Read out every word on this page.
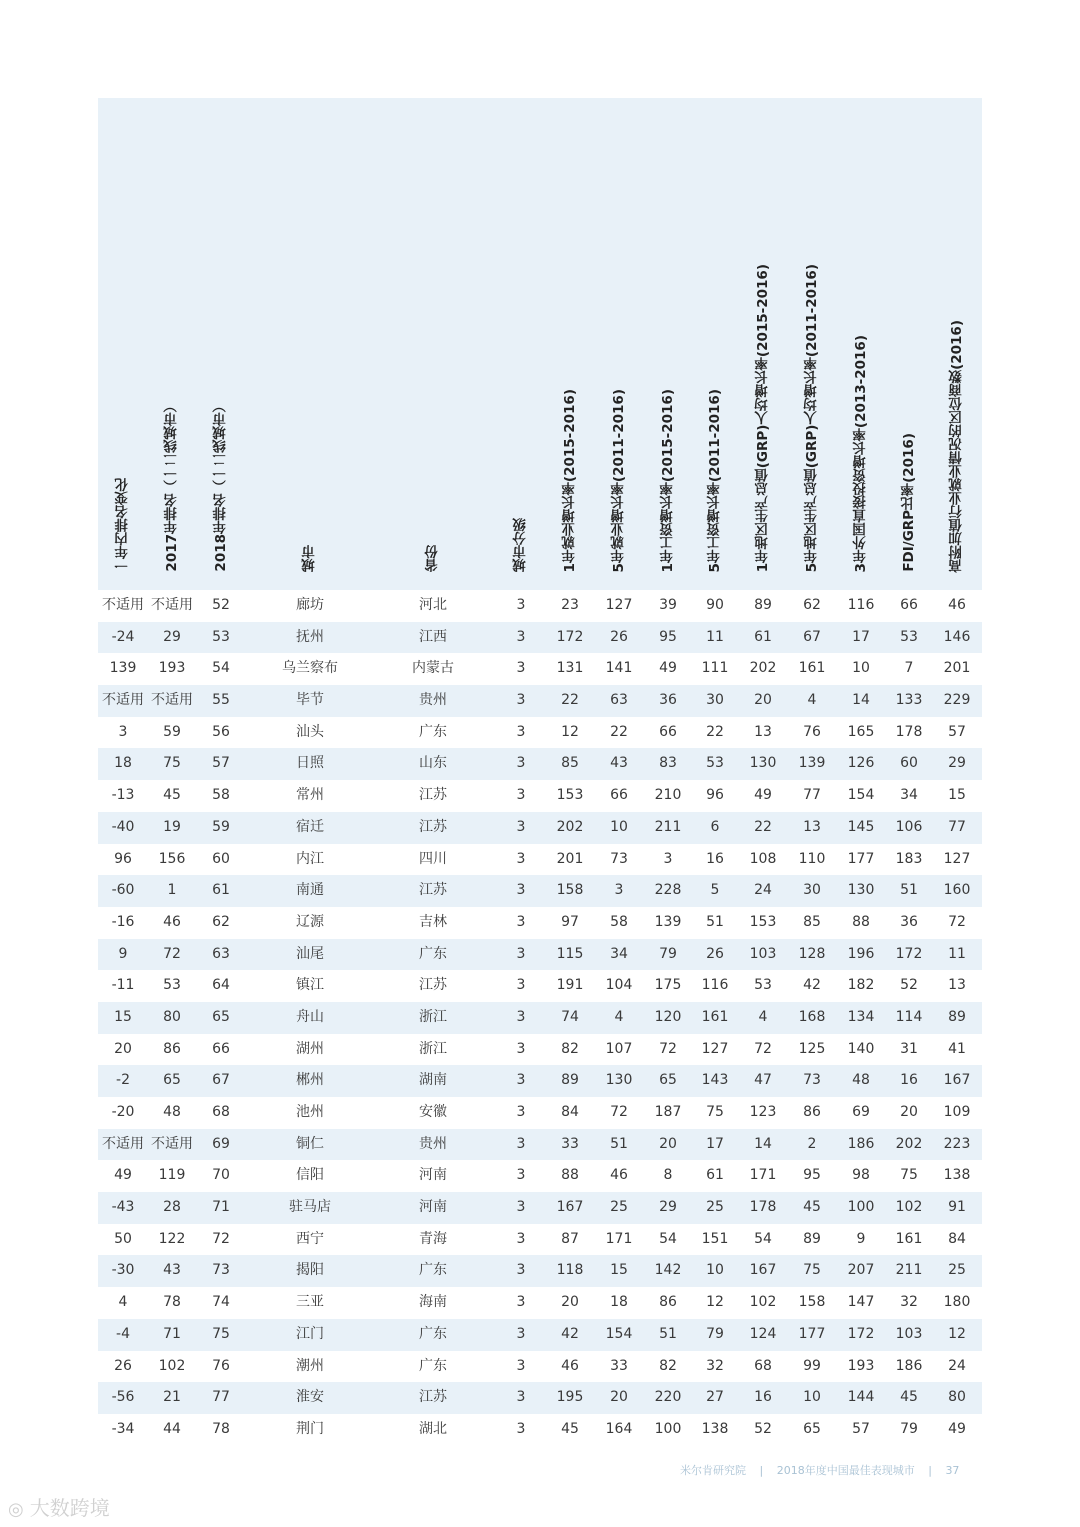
一年内排名变化 2017年排名（一二线城市） 2018年排名（一二线城市）	城市	省份	城市分级 1年就业增长率(2015-2016) 5年就业增长率(2011-2016) 1年工资增长率(2015-2016) 5年工资增长率(2011-2016) 1年地区生产总值(GRP)人均增长率(2015-2016) 5年地区生产总值(GRP)人均增长率(2011-2016) 3年外国直接投资增长率(2013-2016) FDI/GRP比率(2016) 高附加值行业就业情况的区位商数(2016)
不适用 不适用	52	廊坊	河北	3	23	127	39	90	89	62	116	66	46
-24	29	53	抚州	江西	3	172	26	95	11	61	67	17	53	146
139	193	54	乌兰察布	内蒙古	3	131	141	49	111	202	161	10	7	201
不适用 不适用	55	毕节	贵州	3	22	63	36	30	20	4	14	133	229
3	59	56	汕头	广东	3	12	22	66	22	13	76	165	178	57
18	75	57	日照	山东	3	85	43	83	53	130	139	126	60	29
-13	45	58	常州	江苏	3	153	66	210	96	49	77	154	34	15
-40	19	59	宿迁	江苏	3	202	10	211	6	22	13	145	106	77
96	156	60	内江	四川	3	201	73	3	16	108	110	177	183	127
-60	1	61	南通	江苏	3	158	3	228	5	24	30	130	51	160
-16	46	62	辽源	吉林	3	97	58	139	51	153	85	88	36	72
9	72	63	汕尾	广东	3	115	34	79	26	103	128	196	172	11
-11	53	64	镇江	江苏	3	191	104	175	116	53	42	182	52	13
15	80	65	舟山	浙江	3	74	4	120	161	4	168	134	114	89
20	86	66	湖州	浙江	3	82	107	72	127	72	125	140	31	41
-2	65	67	郴州	湖南	3	89	130	65	143	47	73	48	16	167
-20	48	68	池州	安徽	3	84	72	187	75	123	86	69	20	109
不适用 不适用	69	铜仁	贵州	3	33	51	20	17	14	2	186	202	223
49	119	70	信阳	河南	3	88	46	8	61	171	95	98	75	138
-43	28	71	驻马店	河南	3	167	25	29	25	178	45	100	102	91
50	122	72	西宁	青海	3	87	171	54	151	54	89	9	161	84
-30	43	73	揭阳	广东	3	118	15	142	10	167	75	207	211	25
4	78	74	三亚	海南	3	20	18	86	12	102	158	147	32	180
-4	71	75	江门	广东	3	42	154	51	79	124	177	172	103	12
26	102	76	潮州	广东	3	46	33	82	32	68	99	193	186	24
-56	21	77	淮安	江苏	3	195	20	220	27	16	10	144	45	80
-34	44	78	荆门	湖北	3	45	164	100	138	52	65	57	79	49
米尔肯研究院 | 2018年度中国最佳表现城市 | 37
◎ 大数跨境
